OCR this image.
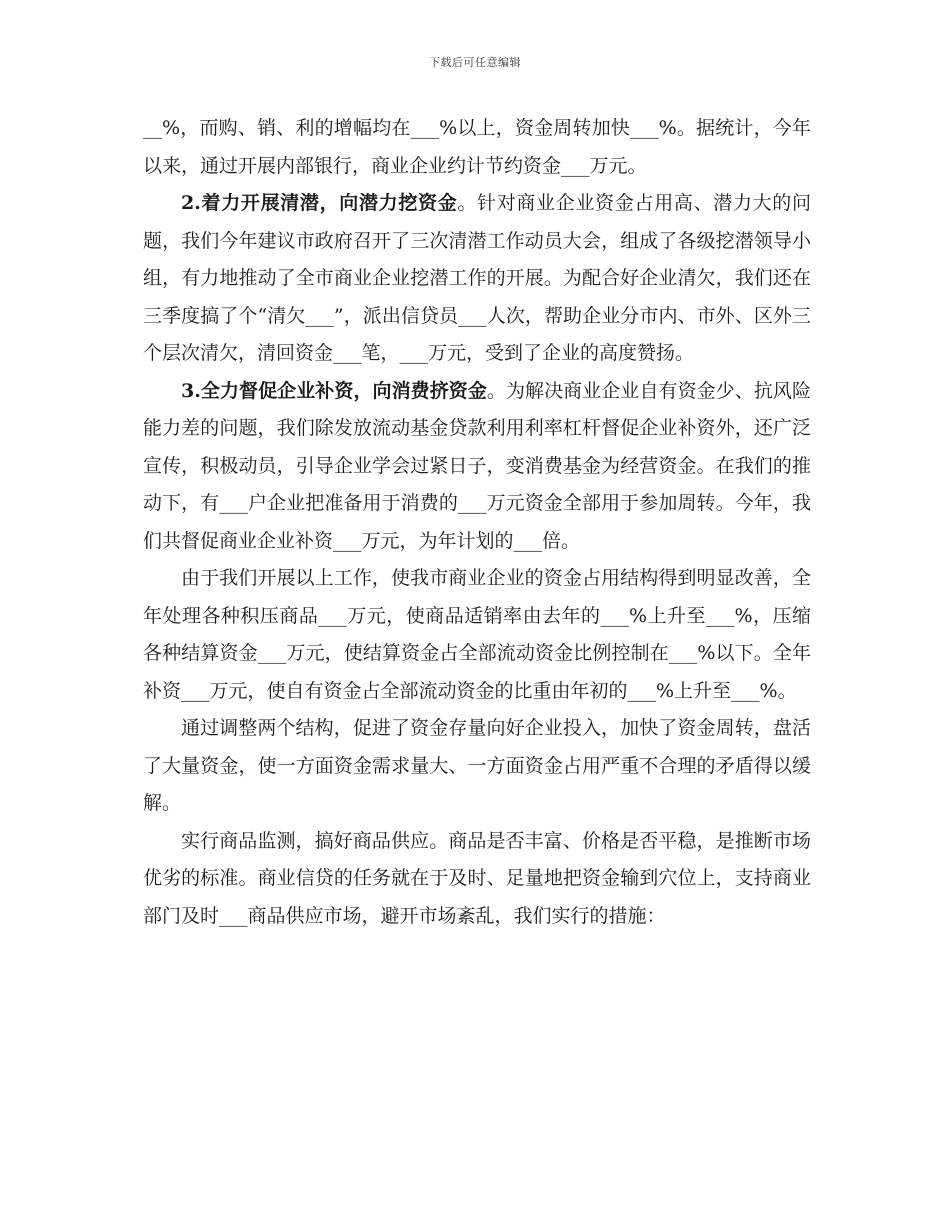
下载后可任意编辑

__%，而购、销、利的增幅均在___%以上，资金周转加快___%。据统计，今年以来，通过开展内部银行，商业企业约计节约资金___万元。

2.着力开展清潜，向潜力挖资金。针对商业企业资金占用高、潜力大的问题，我们今年建议市政府召开了三次清潜工作动员大会，组成了各级挖潜领导小组，有力地推动了全市商业企业挖潜工作的开展。为配合好企业清欠，我们还在三季度搞了个“清欠___”，派出信贷员___人次，帮助企业分市内、市外、区外三个层次清欠，清回资金___笔，___万元，受到了企业的高度赞扬。

3.全力督促企业补资，向消费挤资金。为解决商业企业自有资金少、抗风险能力差的问题，我们除发放流动基金贷款利用利率杠杆督促企业补资外，还广泛宣传，积极动员，引导企业学会过紧日子，变消费基金为经营资金。在我们的推动下，有___户企业把准备用于消费的___万元资金全部用于参加周转。今年，我们共督促商业企业补资___万元，为年计划的___倍。

由于我们开展以上工作，使我市商业企业的资金占用结构得到明显改善，全年处理各种积压商品___万元，使商品适销率由去年的___%上升至___%，压缩各种结算资金___万元，使结算资金占全部流动资金比例控制在___%以下。全年补资___万元，使自有资金占全部流动资金的比重由年初的___%上升至___%。

通过调整两个结构，促进了资金存量向好企业投入，加快了资金周转，盘活了大量资金，使一方面资金需求量大、一方面资金占用严重不合理的矛盾得以缓解。

实行商品监测，搞好商品供应。商品是否丰富、价格是否平稳，是推断市场优劣的标准。商业信贷的任务就在于及时、足量地把资金输到穴位上，支持商业部门及时___商品供应市场，避开市场紊乱，我们实行的措施：
